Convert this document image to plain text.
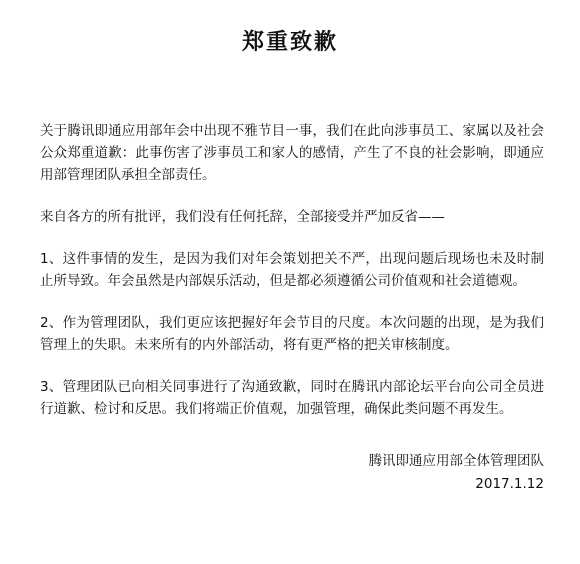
郑重致歉

关于腾讯即通应用部年会中出现不雅节目一事，我们在此向涉事员工、家属以及社会公众郑重道歉：此事伤害了涉事员工和家人的感情，产生了不良的社会影响，即通应用部管理团队承担全部责任。

来自各方的所有批评，我们没有任何托辞，全部接受并严加反省——

1、这件事情的发生，是因为我们对年会策划把关不严，出现问题后现场也未及时制止所导致。年会虽然是内部娱乐活动，但是都必须遵循公司价值观和社会道德观。

2、作为管理团队，我们更应该把握好年会节目的尺度。本次问题的出现，是为我们管理上的失职。未来所有的内外部活动，将有更严格的把关审核制度。

3、管理团队已向相关同事进行了沟通致歉，同时在腾讯内部论坛平台向公司全员进行道歉、检讨和反思。我们将端正价值观，加强管理，确保此类问题不再发生。

腾讯即通应用部全体管理团队
2017.1.12
